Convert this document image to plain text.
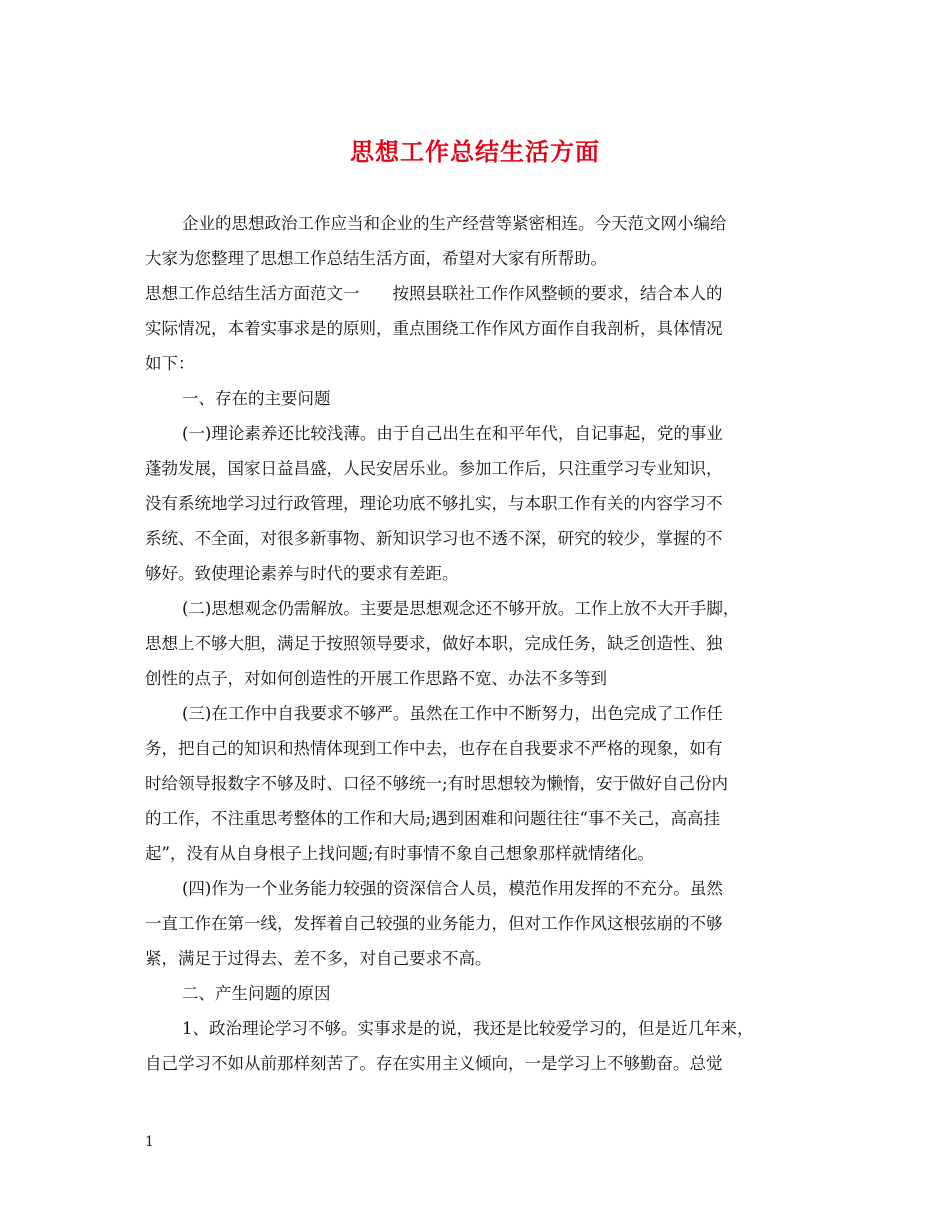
思想工作总结生活方面
企业的思想政治工作应当和企业的生产经营等紧密相连。今天范文网小编给
大家为您整理了思想工作总结生活方面，希望对大家有所帮助。
思想工作总结生活方面范文一　　按照县联社工作作风整顿的要求，结合本人的
实际情况，本着实事求是的原则，重点围绕工作作风方面作自我剖析，具体情况
如下：
一、存在的主要问题
(一)理论素养还比较浅薄。由于自己出生在和平年代，自记事起，党的事业
蓬勃发展，国家日益昌盛，人民安居乐业。参加工作后，只注重学习专业知识，
没有系统地学习过行政管理，理论功底不够扎实，与本职工作有关的内容学习不
系统、不全面，对很多新事物、新知识学习也不透不深，研究的较少，掌握的不
够好。致使理论素养与时代的要求有差距。
(二)思想观念仍需解放。主要是思想观念还不够开放。工作上放不大开手脚，
思想上不够大胆，满足于按照领导要求，做好本职，完成任务，缺乏创造性、独
创性的点子，对如何创造性的开展工作思路不宽、办法不多等到
(三)在工作中自我要求不够严。虽然在工作中不断努力，出色完成了工作任
务，把自己的知识和热情体现到工作中去，也存在自我要求不严格的现象，如有
时给领导报数字不够及时、口径不够统一;有时思想较为懒惰，安于做好自己份内
的工作，不注重思考整体的工作和大局;遇到困难和问题往往“事不关己，高高挂
起”，没有从自身根子上找问题;有时事情不象自己想象那样就情绪化。
(四)作为一个业务能力较强的资深信合人员，模范作用发挥的不充分。虽然
一直工作在第一线，发挥着自己较强的业务能力，但对工作作风这根弦崩的不够
紧，满足于过得去、差不多，对自己要求不高。
二、产生问题的原因
1、政治理论学习不够。实事求是的说，我还是比较爱学习的，但是近几年来，
自己学习不如从前那样刻苦了。存在实用主义倾向，一是学习上不够勤奋。总觉
1
